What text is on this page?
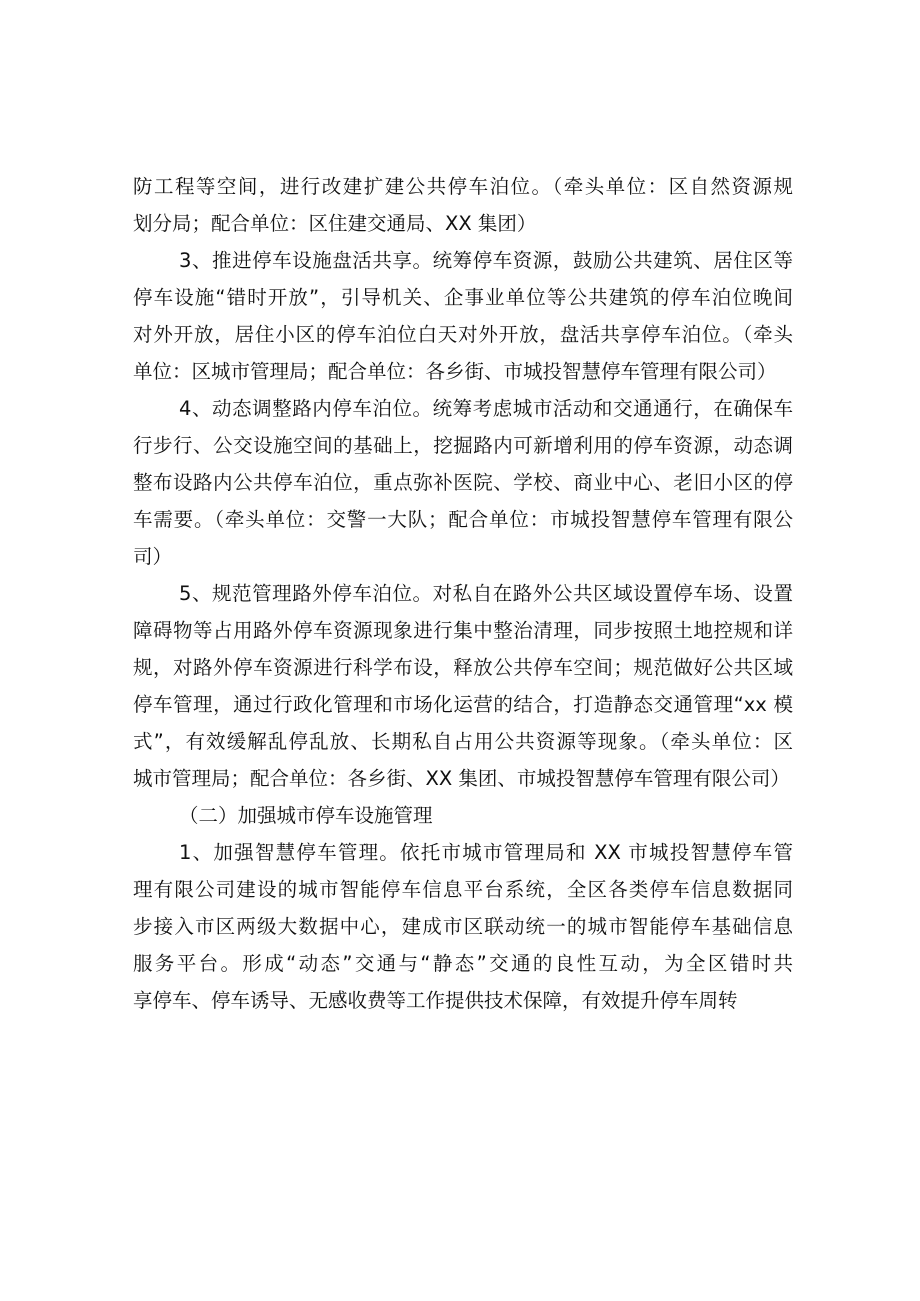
防工程等空间，进行改建扩建公共停车泊位。（牵头单位：区自然资源规
划分局；配合单位：区住建交通局、XX 集团）
3、推进停车设施盘活共享。统筹停车资源，鼓励公共建筑、居住区等
停车设施“错时开放”，引导机关、企事业单位等公共建筑的停车泊位晚间
对外开放，居住小区的停车泊位白天对外开放，盘活共享停车泊位。（牵头
单位：区城市管理局；配合单位：各乡街、市城投智慧停车管理有限公司）
4、动态调整路内停车泊位。统筹考虑城市活动和交通通行，在确保车
行步行、公交设施空间的基础上，挖掘路内可新增利用的停车资源，动态调
整布设路内公共停车泊位，重点弥补医院、学校、商业中心、老旧小区的停
车需要。（牵头单位：交警一大队；配合单位：市城投智慧停车管理有限公
司）
5、规范管理路外停车泊位。对私自在路外公共区域设置停车场、设置
障碍物等占用路外停车资源现象进行集中整治清理，同步按照土地控规和详
规，对路外停车资源进行科学布设，释放公共停车空间；规范做好公共区域
停车管理，通过行政化管理和市场化运营的结合，打造静态交通管理“xx 模
式”，有效缓解乱停乱放、长期私自占用公共资源等现象。（牵头单位：区
城市管理局；配合单位：各乡街、XX 集团、市城投智慧停车管理有限公司）
（二）加强城市停车设施管理
1、加强智慧停车管理。依托市城市管理局和 XX 市城投智慧停车管
理有限公司建设的城市智能停车信息平台系统，全区各类停车信息数据同
步接入市区两级大数据中心，建成市区联动统一的城市智能停车基础信息
服务平台。形成“动态”交通与“静态”交通的良性互动，为全区错时共
享停车、停车诱导、无感收费等工作提供技术保障，有效提升停车周转
